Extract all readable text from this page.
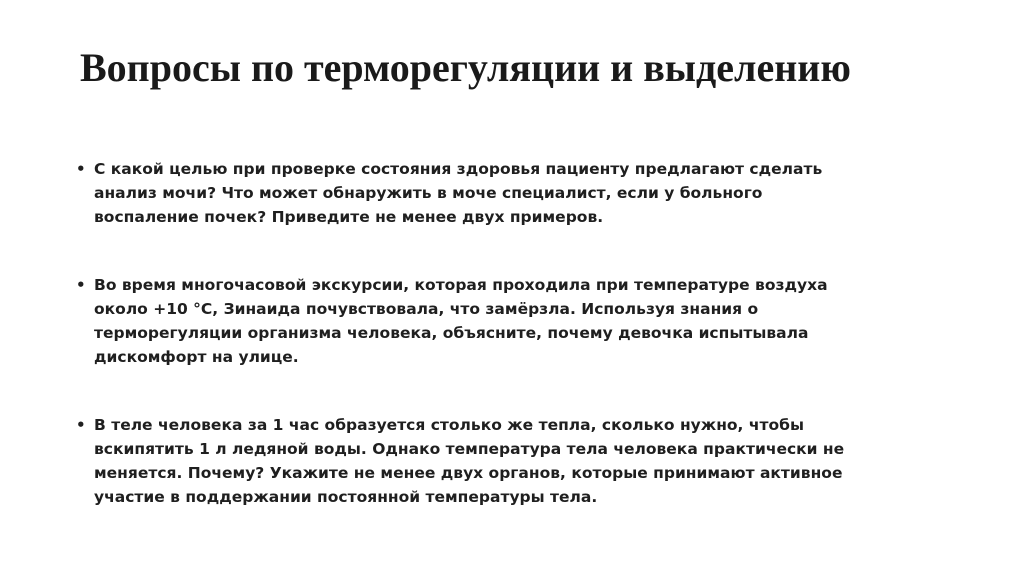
Вопросы по терморегуляции и выделению
• С какой целью при проверке состояния здоровья пациенту предлагают сделать
анализ мочи? Что может обнаружить в моче специалист, если у больного
воспаление почек? Приведите не менее двух примеров.
• Во время многочасовой экскурсии, которая проходила при температуре воздуха
около +10 °С, Зинаида почувствовала, что замёрзла. Используя знания о
терморегуляции организма человека, объясните, почему девочка испытывала
дискомфорт на улице.
• В теле человека за 1 час образуется столько же тепла, сколько нужно, чтобы
вскипятить 1 л ледяной воды. Однако температура тела человека практически не
меняется. Почему? Укажите не менее двух органов, которые принимают активное
участие в поддержании постоянной температуры тела.
